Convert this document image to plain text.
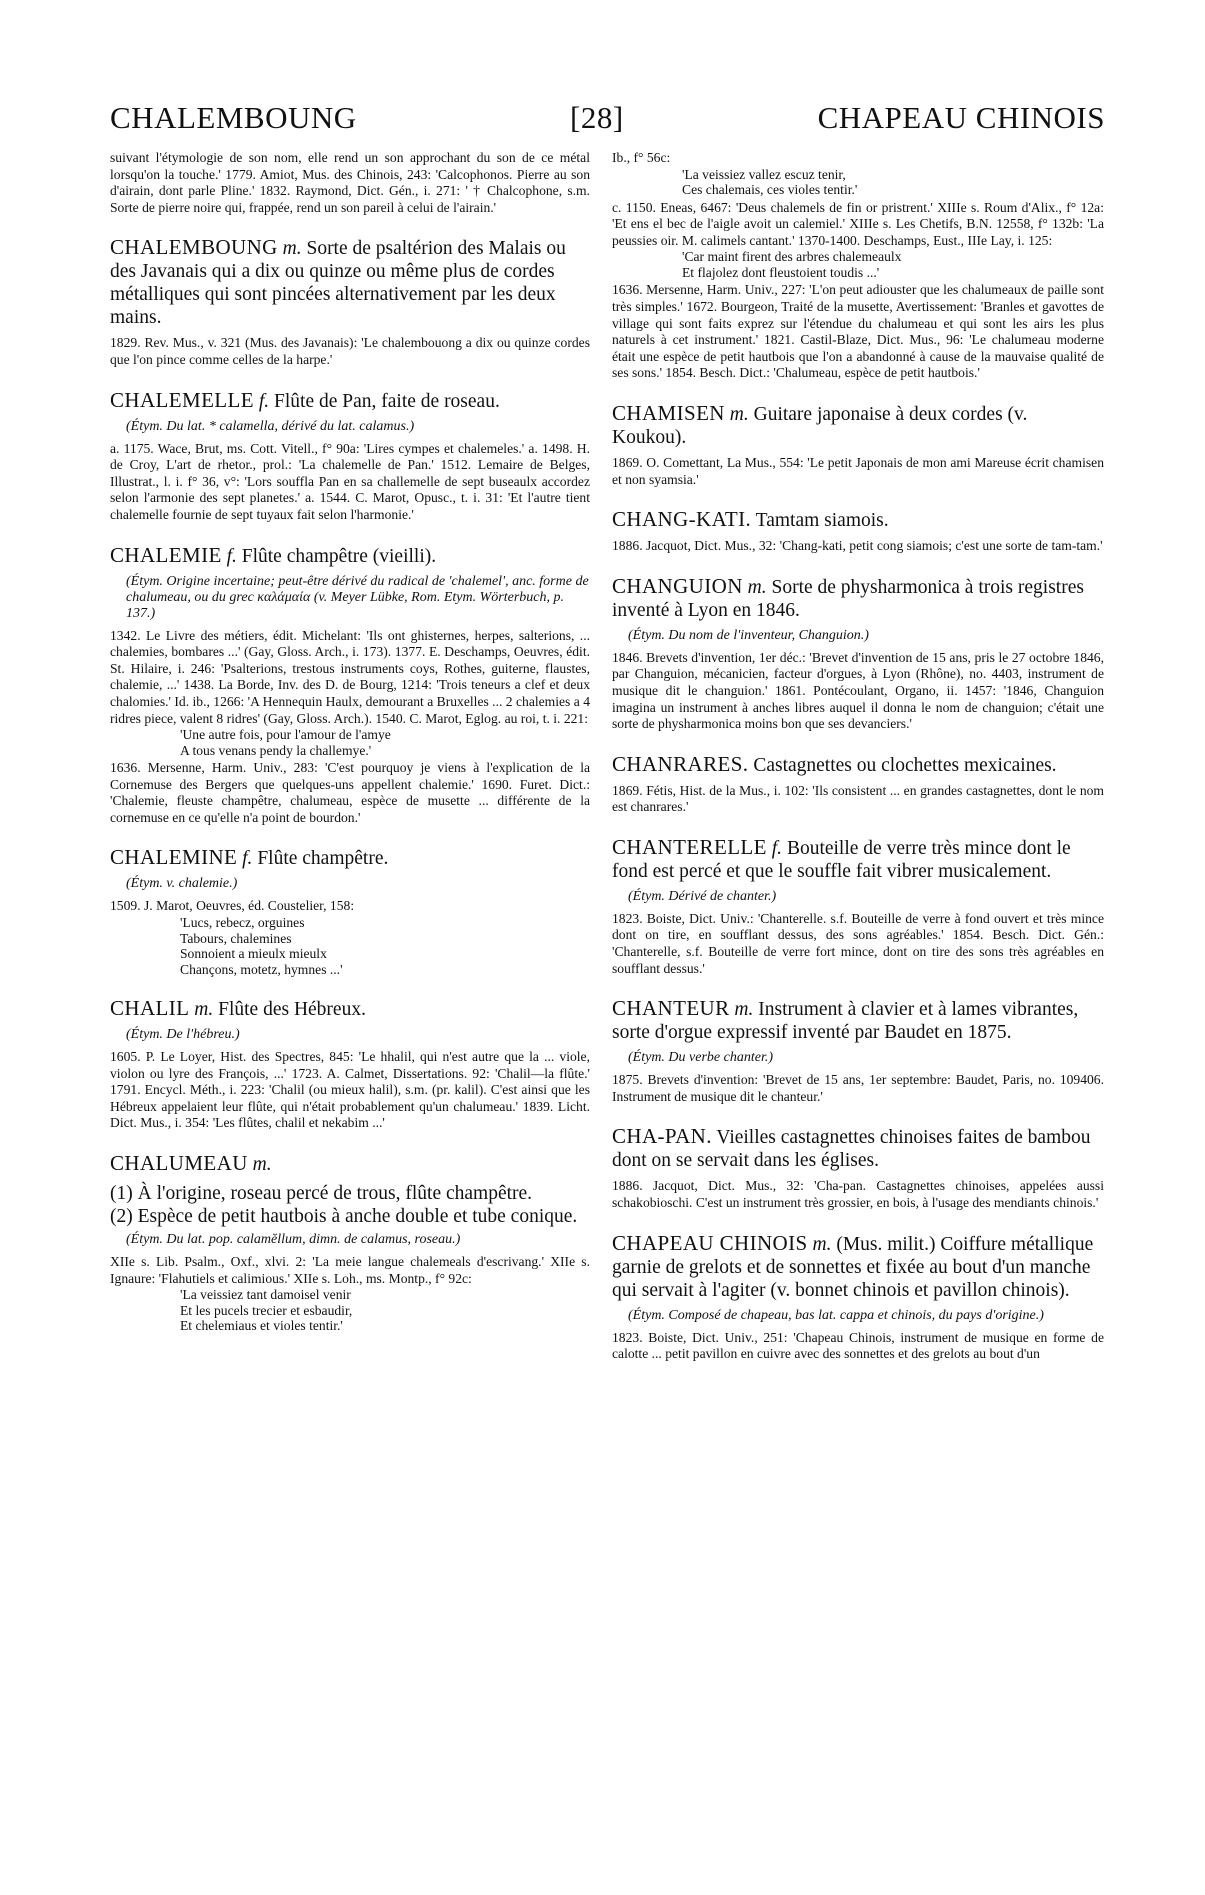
CHALEMBOUNG	[28]	CHAPEAU CHINOIS

suivant l'étymologie de son nom, elle rend un son approchant du son de ce métal lorsqu'on la touche.' 1779. Amiot, Mus. des Chinois, 243: 'Calcophonos. Pierre au son d'airain, dont parle Pline.' 1832. Raymond, Dict. Gén., i. 271: ' † Chalcophone, s.m. Sorte de pierre noire qui, frappée, rend un son pareil à celui de l'airain.'

CHALEMBOUNG m. Sorte de psaltérion des Malais ou des Javanais qui a dix ou quinze ou même plus de cordes métalliques qui sont pincées alternativement par les deux mains.

1829. Rev. Mus., v. 321 (Mus. des Javanais): 'Le chalembouong a dix ou quinze cordes que l'on pince comme celles de la harpe.'

CHALEMELLE f. Flûte de Pan, faite de roseau.

(Étym. Du lat. * calamella, dérivé du lat. calamus.)

a. 1175. Wace, Brut, ms. Cott. Vitell., f° 90a: 'Lires cympes et chalemeles.' a. 1498. H. de Croy, L'art de rhetor., prol.: 'La chalemelle de Pan.' 1512. Lemaire de Belges, Illustrat., l. i. f° 36, v°: 'Lors souffla Pan en sa challemelle de sept buseaulx accordez selon l'armonie des sept planetes.' a. 1544. C. Marot, Opusc., t. i. 31: 'Et l'autre tient chalemelle fournie de sept tuyaux fait selon l'harmonie.'

CHALEMIE f. Flûte champêtre (vieilli).

(Étym. Origine incertaine; peut-être dérivé du radical de 'chalemel', anc. forme de chalumeau, ou du grec καλάμαία (v. Meyer Lübke, Rom. Etym. Wörterbuch, p. 137.)

1342. Le Livre des métiers, édit. Michelant: 'Ils ont ghisternes, herpes, salterions, ... chalemies, bombares ...' (Gay, Gloss. Arch., i. 173). 1377. E. Deschamps, Oeuvres, édit. St. Hilaire, i. 246: 'Psalterions, trestous instruments coys, Rothes, guiterne, flaustes, chalemie, ...' 1438. La Borde, Inv. des D. de Bourg, 1214: 'Trois teneurs a clef et deux chalomies.' Id. ib., 1266: 'A Hennequin Haulx, demourant a Bruxelles ... 2 chalemies a 4 ridres piece, valent 8 ridres' (Gay, Gloss. Arch.). 1540. C. Marot, Eglog. au roi, t. i. 221:

'Une autre fois, pour l'amour de l'amye
A tous venans pendy la challemye.'

1636. Mersenne, Harm. Univ., 283: 'C'est pourquoy je viens à l'explication de la Cornemuse des Bergers que quelques-uns appellent chalemie.' 1690. Furet. Dict.: 'Chalemie, fleuste champêtre, chalumeau, espèce de musette ... différente de la cornemuse en ce qu'elle n'a point de bourdon.'

CHALEMINE f. Flûte champêtre.

(Étym. v. chalemie.)

1509. J. Marot, Oeuvres, éd. Coustelier, 158:

'Lucs, rebecz, orguines
Tabours, chalemines
Sonnoient a mieulx mieulx
Chançons, motetz, hymnes ...'

CHALIL m. Flûte des Hébreux.

(Étym. De l'hébreu.)

1605. P. Le Loyer, Hist. des Spectres, 845: 'Le hhalil, qui n'est autre que la ... viole, violon ou lyre des François, ...' 1723. A. Calmet, Dissertations. 92: 'Chalil—la flûte.' 1791. Encycl. Méth., i. 223: 'Chalil (ou mieux halil), s.m. (pr. kalil). C'est ainsi que les Hébreux appelaient leur flûte, qui n'était probablement qu'un chalumeau.' 1839. Licht. Dict. Mus., i. 354: 'Les flûtes, chalil et nekabim ...'

CHALUMEAU m.

(1) À l'origine, roseau percé de trous, flûte champêtre.

(2) Espèce de petit hautbois à anche double et tube conique.

(Étym. Du lat. pop. calamĕllum, dimn. de calamus, roseau.)

XIIe s. Lib. Psalm., Oxf., xlvi. 2: 'La meie langue chalemeals d'escrivang.' XIIe s. Ignaure: 'Flahutiels et calimious.' XIIe s. Loh., ms. Montp., f° 92c:

'La veissiez tant damoisel venir
Et les pucels trecier et esbaudir,
Et chelemiaus et violes tentir.'

Ib., f° 56c:

'La veissiez vallez escuz tenir,
Ces chalemais, ces violes tentir.'

c. 1150. Eneas, 6467: 'Deus chalemels de fin or pristrent.' XIIIe s. Roum d'Alix., f° 12a: 'Et ens el bec de l'aigle avoit un calemiel.' XIIIe s. Les Chetifs, B.N. 12558, f° 132b: 'La peussies oir. M. calimels cantant.' 1370-1400. Deschamps, Eust., IIIe Lay, i. 125:

'Car maint firent des arbres chalemeaulx
Et flajolez dont fleustoient toudis ...'

1636. Mersenne, Harm. Univ., 227: 'L'on peut adiouster que les chalumeaux de paille sont très simples.' 1672. Bourgeon, Traité de la musette, Avertissement: 'Branles et gavottes de village qui sont faits exprez sur l'étendue du chalumeau et qui sont les airs les plus naturels à cet instrument.' 1821. Castil-Blaze, Dict. Mus., 96: 'Le chalumeau moderne était une espèce de petit hautbois que l'on a abandonné à cause de la mauvaise qualité de ses sons.' 1854. Besch. Dict.: 'Chalumeau, espèce de petit hautbois.'

CHAMISEN m. Guitare japonaise à deux cordes (v. Koukou).

1869. O. Comettant, La Mus., 554: 'Le petit Japonais de mon ami Mareuse écrit chamisen et non syamsia.'

CHANG-KATI. Tamtam siamois.

1886. Jacquot, Dict. Mus., 32: 'Chang-kati, petit cong siamois; c'est une sorte de tam-tam.'

CHANGUION m. Sorte de physharmonica à trois registres inventé à Lyon en 1846.

(Étym. Du nom de l'inventeur, Changuion.)

1846. Brevets d'invention, 1er déc.: 'Brevet d'invention de 15 ans, pris le 27 octobre 1846, par Changuion, mécanicien, facteur d'orgues, à Lyon (Rhône), no. 4403, instrument de musique dit le changuion.' 1861. Pontécoulant, Organo, ii. 1457: '1846, Changuion imagina un instrument à anches libres auquel il donna le nom de changuion; c'était une sorte de physharmonica moins bon que ses devanciers.'

CHANRARES. Castagnettes ou clochettes mexicaines.

1869. Fétis, Hist. de la Mus., i. 102: 'Ils consistent ... en grandes castagnettes, dont le nom est chanrares.'

CHANTERELLE f. Bouteille de verre très mince dont le fond est percé et que le souffle fait vibrer musicalement.

(Étym. Dérivé de chanter.)

1823. Boiste, Dict. Univ.: 'Chanterelle. s.f. Bouteille de verre à fond ouvert et très mince dont on tire, en soufflant dessus, des sons agréables.' 1854. Besch. Dict. Gén.: 'Chanterelle, s.f. Bouteille de verre fort mince, dont on tire des sons très agréables en soufflant dessus.'

CHANTEUR m. Instrument à clavier et à lames vibrantes, sorte d'orgue expressif inventé par Baudet en 1875.

(Étym. Du verbe chanter.)

1875. Brevets d'invention: 'Brevet de 15 ans, 1er septembre: Baudet, Paris, no. 109406. Instrument de musique dit le chanteur.'

CHA-PAN. Vieilles castagnettes chinoises faites de bambou dont on se servait dans les églises.

1886. Jacquot, Dict. Mus., 32: 'Cha-pan. Castagnettes chinoises, appelées aussi schakobioschi. C'est un instrument très grossier, en bois, à l'usage des mendiants chinois.'

CHAPEAU CHINOIS m. (Mus. milit.) Coiffure métallique garnie de grelots et de sonnettes et fixée au bout d'un manche qui servait à l'agiter (v. bonnet chinois et pavillon chinois).

(Étym. Composé de chapeau, bas lat. cappa et chinois, du pays d'origine.)

1823. Boiste, Dict. Univ., 251: 'Chapeau Chinois, instrument de musique en forme de calotte ... petit pavillon en cuivre avec des sonnettes et des grelots au bout d'un
